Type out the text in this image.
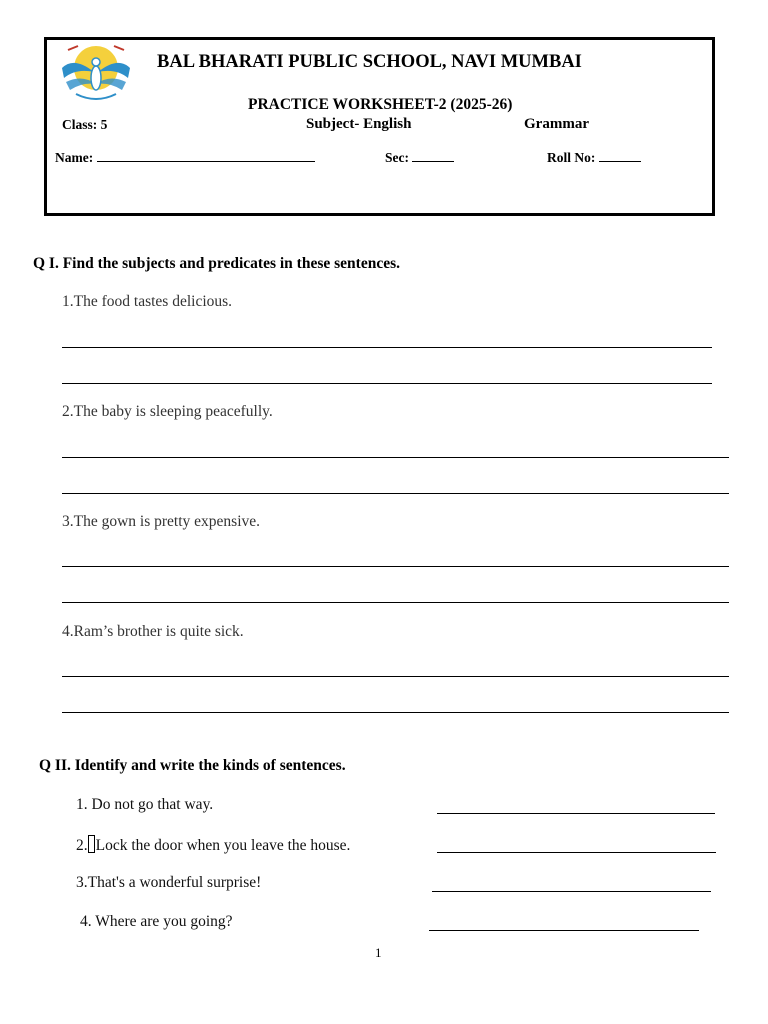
BAL BHARATI PUBLIC SCHOOL, NAVI MUMBAI
PRACTICE WORKSHEET-2 (2025-26)
Class: 5	Subject- English	Grammar
Name:	Sec:	Roll No:
Q I. Find the subjects and predicates in these sentences.
1.The food tastes delicious.
2.The baby is sleeping peacefully.
3.The gown is pretty expensive.
4.Ram’s brother is quite sick.
Q II. Identify and write the kinds of sentences.
1. Do not go that way.
2. Lock the door when you leave the house.
3.That's a wonderful surprise!
4. Where are you going?
1
